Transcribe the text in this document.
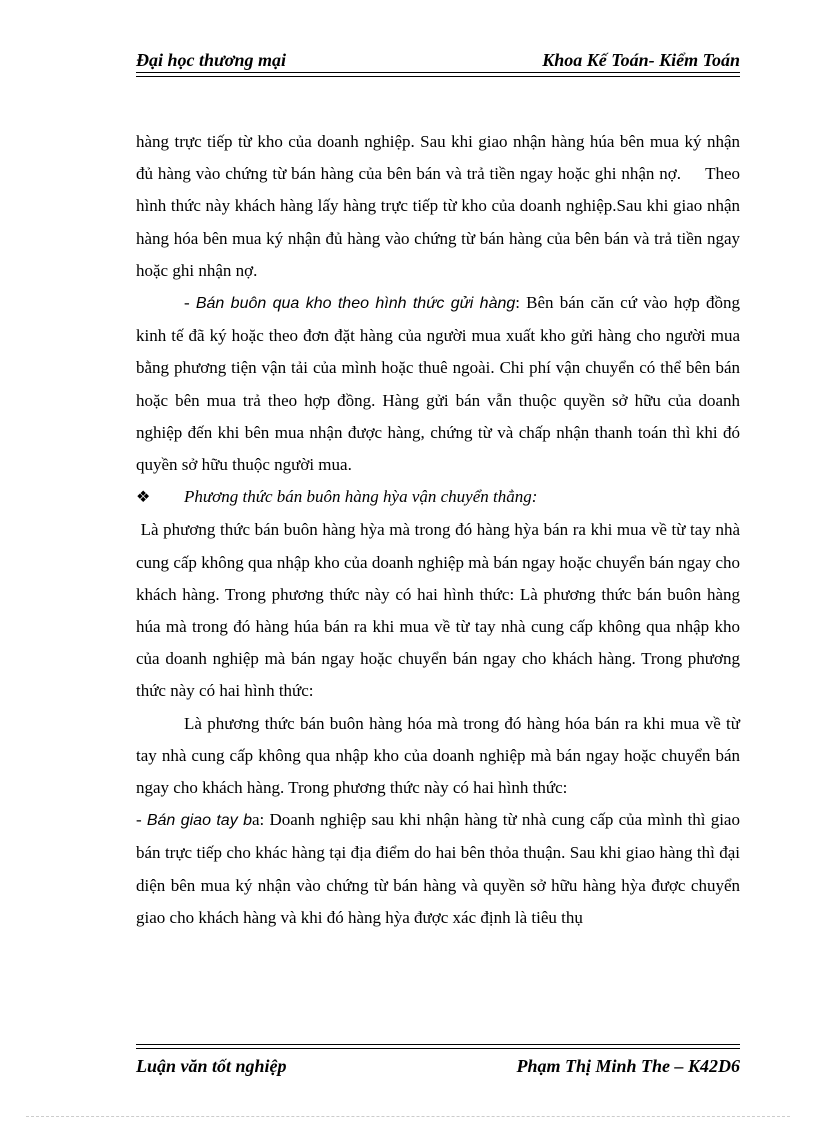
Đại học thương mại	Khoa Kế Toán- Kiểm Toán

hàng trực tiếp từ kho của doanh nghiệp. Sau khi giao nhận hàng húa bên mua ký nhận đủ hàng vào chứng từ bán hàng của bên bán và trả tiền ngay hoặc ghi nhận nợ.     Theo hình thức này khách hàng lấy hàng trực tiếp từ kho của doanh nghiệp.Sau khi giao nhận hàng hóa bên mua ký nhận đủ hàng vào chứng từ bán hàng của bên bán và trả tiền ngay hoặc ghi nhận nợ.

- Bán buôn qua kho theo hình thức gửi hàng: Bên bán căn cứ vào hợp đồng kinh tế đã ký hoặc theo đơn đặt hàng của người mua xuất kho gửi hàng cho người mua bằng phương tiện vận tải của mình hoặc thuê ngoài. Chi phí vận chuyển có thể bên bán hoặc bên mua trả theo hợp đồng. Hàng gửi bán vẫn thuộc quyền sở hữu của doanh nghiệp đến khi bên mua nhận được hàng, chứng từ và chấp nhận thanh toán thì khi đó quyền sở hữu thuộc người mua.

❖ Phương thức bán buôn hàng hỳa vận chuyển thẳng:

Là phương thức bán buôn hàng hỳa mà trong đó hàng hỳa bán ra khi mua về từ tay nhà cung cấp không qua nhập kho của doanh nghiệp mà bán ngay hoặc chuyển bán ngay cho khách hàng. Trong phương thức này có hai hình thức: Là phương thức bán buôn hàng húa mà trong đó hàng húa bán ra khi mua về từ tay nhà cung cấp không qua nhập kho của doanh nghiệp mà bán ngay hoặc chuyển bán ngay cho khách hàng. Trong phương thức này có hai hình thức:

Là phương thức bán buôn hàng hóa mà trong đó hàng hóa bán ra khi mua về từ tay nhà cung cấp không qua nhập kho của doanh nghiệp mà bán ngay hoặc chuyển bán ngay cho khách hàng. Trong phương thức này có hai hình thức:

- Bán giao tay ba: Doanh nghiệp sau khi nhận hàng từ nhà cung cấp của mình thì giao bán trực tiếp cho khác hàng tại địa điểm do hai bên thỏa thuận. Sau khi giao hàng thì đại diện bên mua ký nhận vào chứng từ bán hàng và quyền sở hữu hàng hỳa được chuyển giao cho khách hàng và khi đó hàng hỳa được xác định là tiêu thụ

Luận văn tốt nghiệp	Phạm Thị Minh The – K42D6
